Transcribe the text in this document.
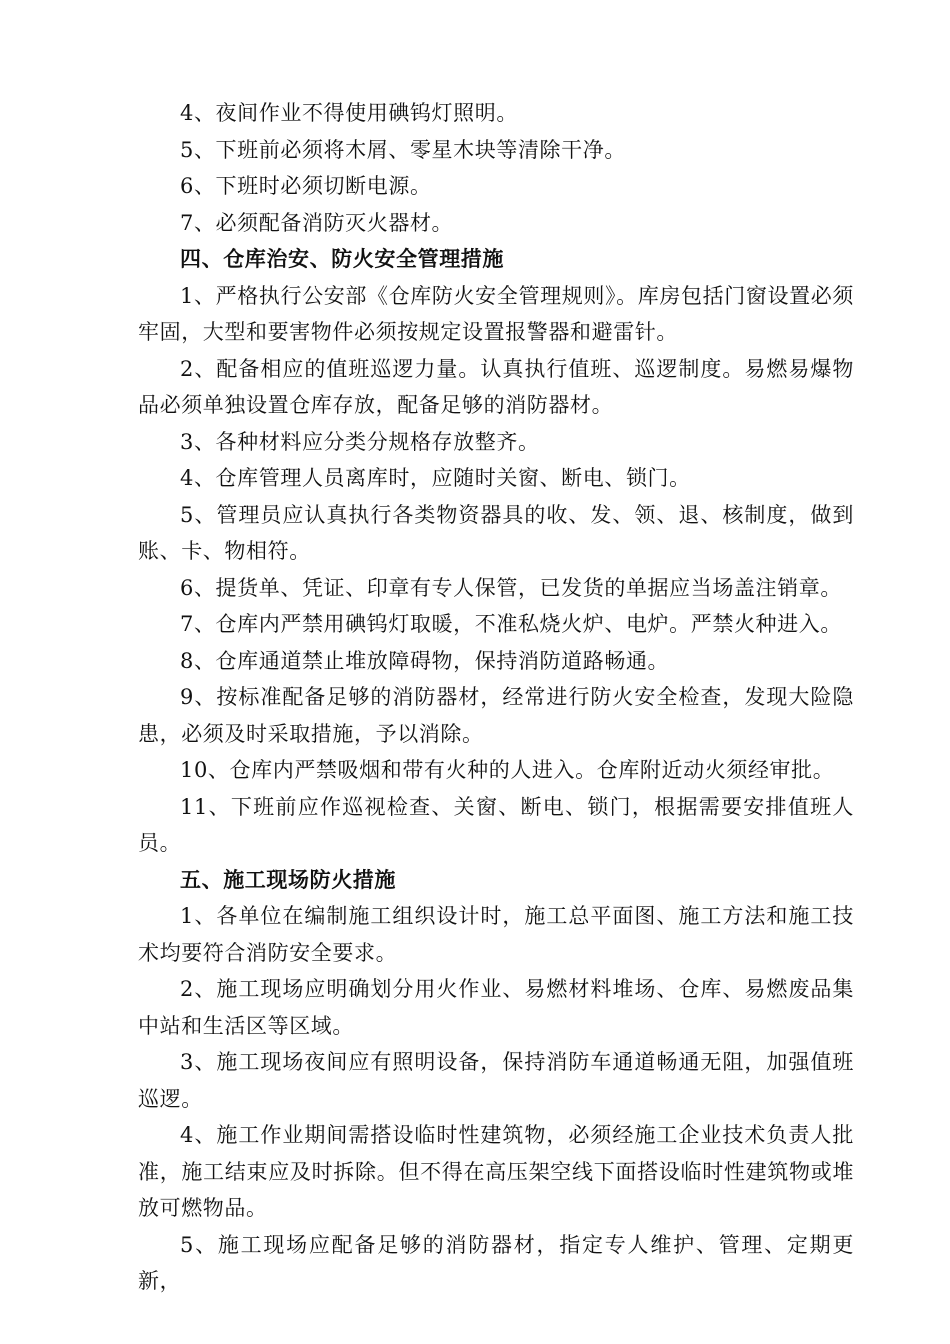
4、夜间作业不得使用碘钨灯照明。

5、下班前必须将木屑、零星木块等清除干净。

6、下班时必须切断电源。

7、必须配备消防灭火器材。

四、仓库治安、防火安全管理措施

1、严格执行公安部《仓库防火安全管理规则》。库房包括门窗设置必须牢固，大型和要害物件必须按规定设置报警器和避雷针。

2、配备相应的值班巡逻力量。认真执行值班、巡逻制度。易燃易爆物品必须单独设置仓库存放，配备足够的消防器材。

3、各种材料应分类分规格存放整齐。

4、仓库管理人员离库时，应随时关窗、断电、锁门。

5、管理员应认真执行各类物资器具的收、发、领、退、核制度，做到账、卡、物相符。

6、提货单、凭证、印章有专人保管，已发货的单据应当场盖注销章。

7、仓库内严禁用碘钨灯取暖，不准私烧火炉、电炉。严禁火种进入。

8、仓库通道禁止堆放障碍物，保持消防道路畅通。

9、按标准配备足够的消防器材，经常进行防火安全检查，发现大险隐患，必须及时采取措施，予以消除。

10、仓库内严禁吸烟和带有火种的人进入。仓库附近动火须经审批。

11、下班前应作巡视检查、关窗、断电、锁门，根据需要安排值班人员。

五、施工现场防火措施

1、各单位在编制施工组织设计时，施工总平面图、施工方法和施工技术均要符合消防安全要求。

2、施工现场应明确划分用火作业、易燃材料堆场、仓库、易燃废品集中站和生活区等区域。

3、施工现场夜间应有照明设备，保持消防车通道畅通无阻，加强值班巡逻。

4、施工作业期间需搭设临时性建筑物，必须经施工企业技术负责人批准，施工结束应及时拆除。但不得在高压架空线下面搭设临时性建筑物或堆放可燃物品。

5、施工现场应配备足够的消防器材，指定专人维护、管理、定期更新，
